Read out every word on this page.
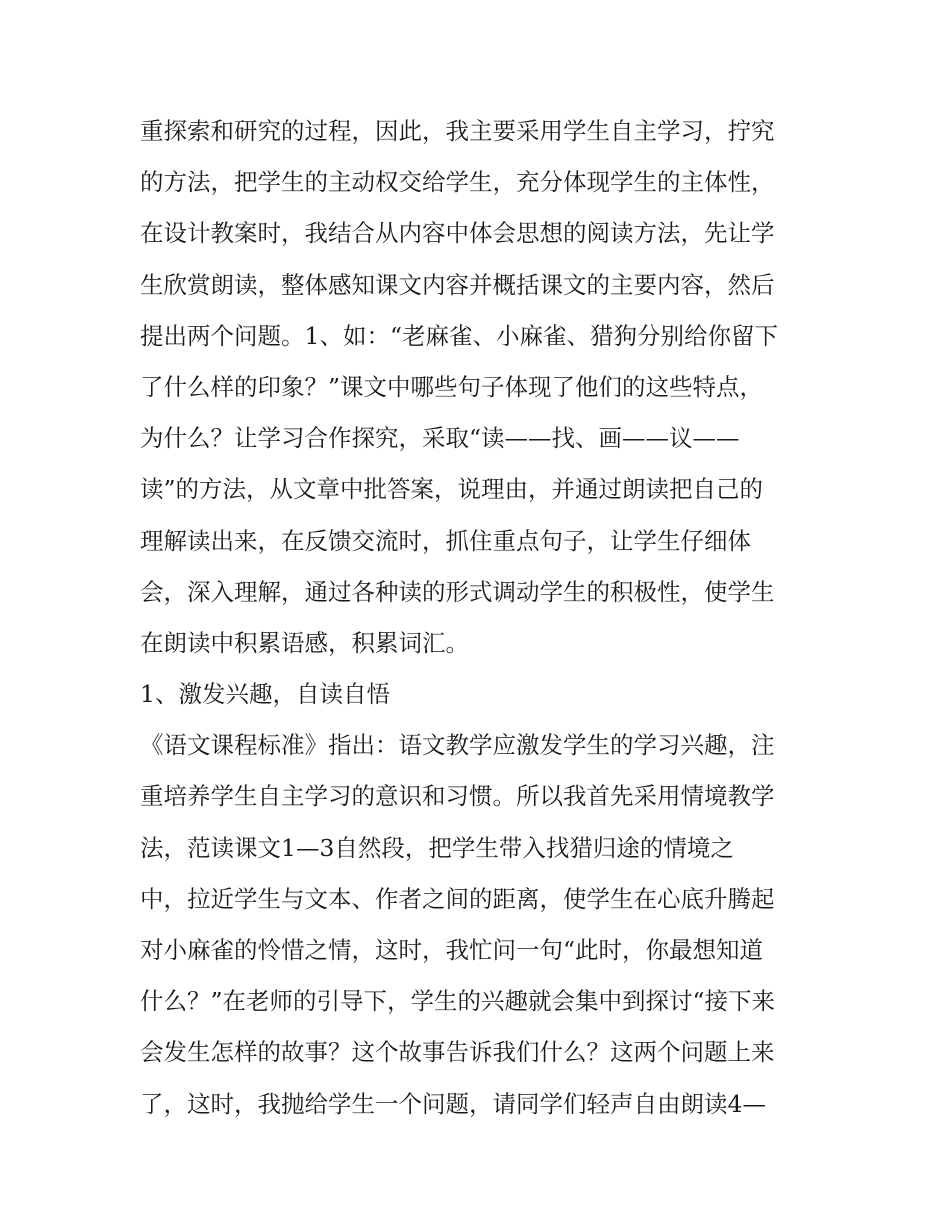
重探索和研究的过程，因此，我主要采用学生自主学习，拧究

的方法，把学生的主动权交给学生，充分体现学生的主体性，

在设计教案时，我结合从内容中体会思想的阅读方法，先让学

生欣赏朗读，整体感知课文内容并概括课文的主要内容，然后

提出两个问题。1、如：“老麻雀、小麻雀、猎狗分别给你留下

了什么样的印象？”课文中哪些句子体现了他们的这些特点，

为什么？让学习合作探究，采取“读——找、画——议——

读”的方法，从文章中批答案，说理由，并通过朗读把自己的

理解读出来，在反馈交流时，抓住重点句子，让学生仔细体

会，深入理解，通过各种读的形式调动学生的积极性，使学生

在朗读中积累语感，积累词汇。

1、激发兴趣，自读自悟

《语文课程标准》指出：语文教学应激发学生的学习兴趣，注

重培养学生自主学习的意识和习惯。所以我首先采用情境教学

法，范读课文1—3自然段，把学生带入找猎归途的情境之

中，拉近学生与文本、作者之间的距离，使学生在心底升腾起

对小麻雀的怜惜之情，这时，我忙问一句“此时，你最想知道

什么？”在老师的引导下，学生的兴趣就会集中到探讨“接下来

会发生怎样的故事？这个故事告诉我们什么？这两个问题上来

了，这时，我抛给学生一个问题，请同学们轻声自由朗读4—
